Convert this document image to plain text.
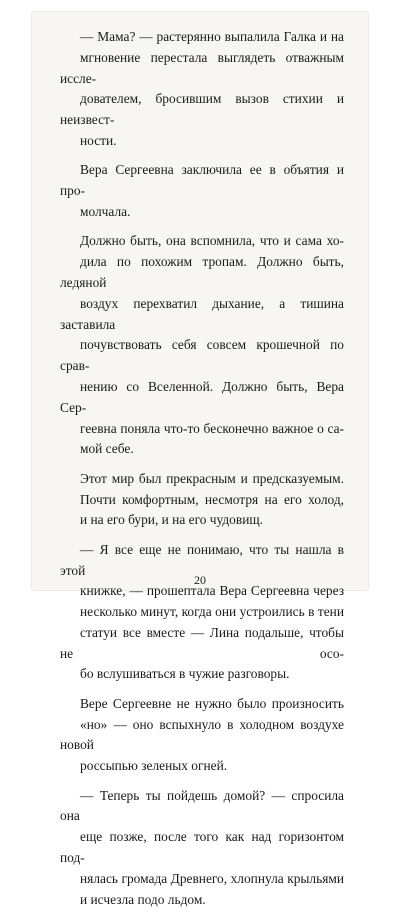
— Мама? — растерянно выпалила Галка и на
мгновение перестала выглядеть отважным иссле-
дователем, бросившим вызов стихии и неизвест-
ности.

Вера Сергеевна заключила ее в объятия и про-
молчала.

Должно быть, она вспомнила, что и сама хо-
дила по похожим тропам. Должно быть, ледяной
воздух перехватил дыхание, а тишина заставила
почувствовать себя совсем крошечной по срав-
нению со Вселенной. Должно быть, Вера Сер-
геевна поняла что-то бесконечно важное о са-
мой себе.

Этот мир был прекрасным и предсказуемым.
Почти комфортным, несмотря на его холод,
и на его бури, и на его чудовищ.

— Я все еще не понимаю, что ты нашла в этой
книжке, — прошептала Вера Сергеевна через
несколько минут, когда они устроились в тени
статуи все вместе — Лина подальше, чтобы не осо-
бо вслушиваться в чужие разговоры.

Вере Сергеевне не нужно было произносить
«но» — оно вспыхнуло в холодном воздухе новой
россыпью зеленых огней.

— Теперь ты пойдешь домой? — спросила она
еще позже, после того как над горизонтом под-
нялась громада Древнего, хлопнула крыльями
и исчезла подо льдом.

20
